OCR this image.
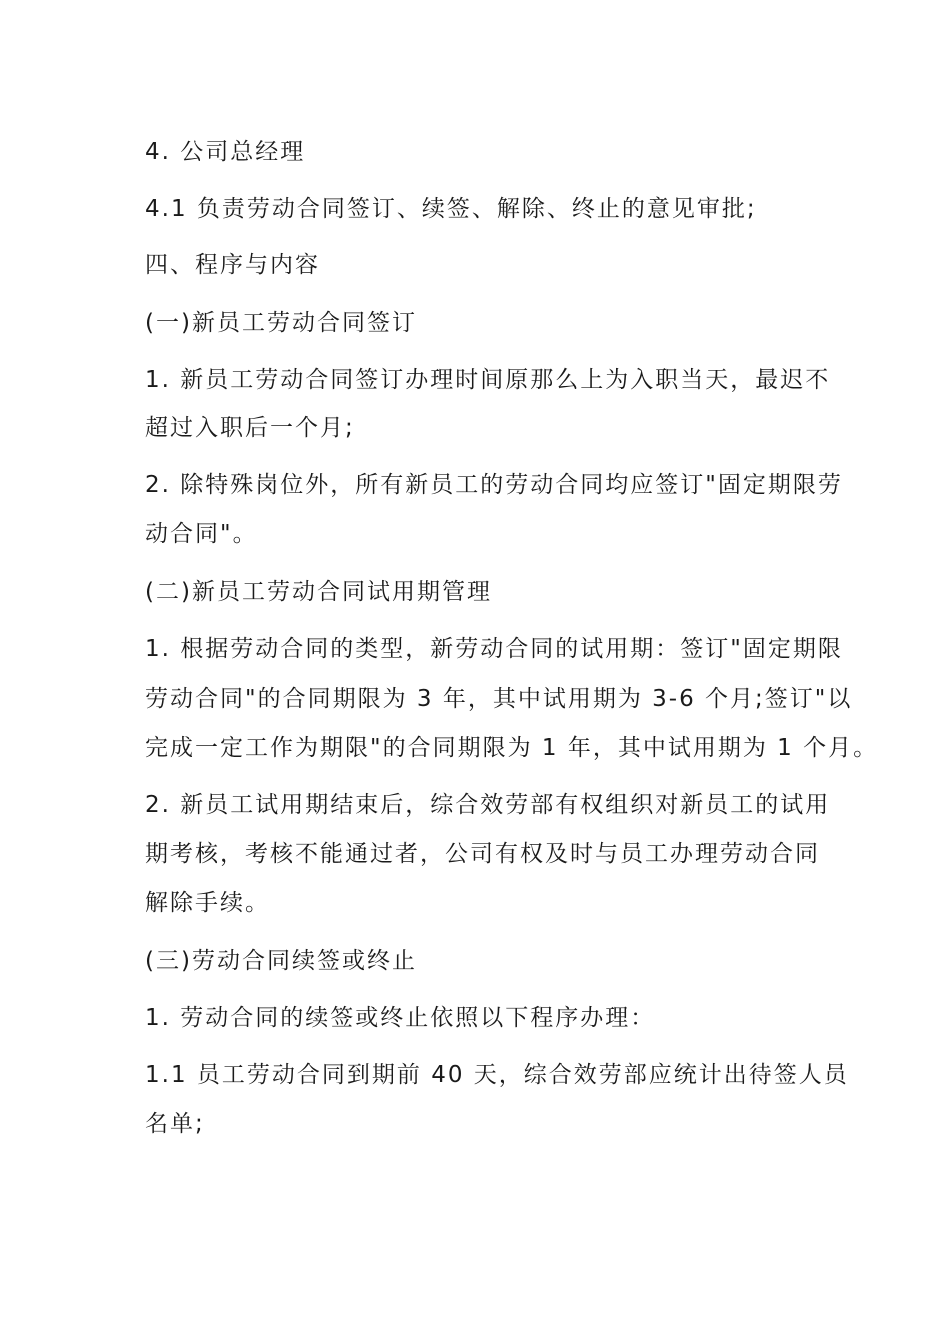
4. 公司总经理
4.1 负责劳动合同签订、续签、解除、终止的意见审批;
四、程序与内容
(一)新员工劳动合同签订
1. 新员工劳动合同签订办理时间原那么上为入职当天，最迟不
超过入职后一个月;
2. 除特殊岗位外，所有新员工的劳动合同均应签订"固定期限劳
动合同"。
(二)新员工劳动合同试用期管理
1. 根据劳动合同的类型，新劳动合同的试用期：签订"固定期限
劳动合同"的合同期限为 3 年，其中试用期为 3-6 个月;签订"以
完成一定工作为期限"的合同期限为 1 年，其中试用期为 1 个月。
2. 新员工试用期结束后，综合效劳部有权组织对新员工的试用
期考核，考核不能通过者，公司有权及时与员工办理劳动合同
解除手续。
(三)劳动合同续签或终止
1. 劳动合同的续签或终止依照以下程序办理：
1.1 员工劳动合同到期前 40 天，综合效劳部应统计出待签人员
名单;
